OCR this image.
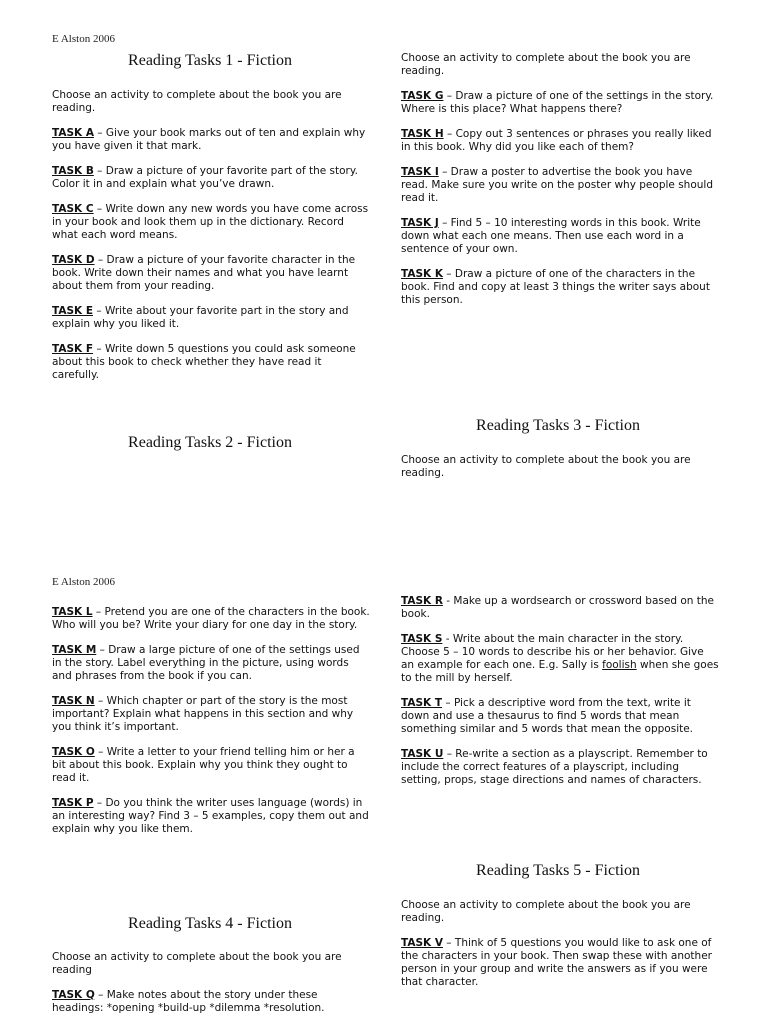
E Alston 2006
Reading Tasks 1 - Fiction
Choose an activity to complete about the book you are reading.
TASK A – Give your book marks out of ten and explain why you have given it that mark.
TASK B – Draw a picture of your favorite part of the story. Color it in and explain what you’ve drawn.
TASK C – Write down any new words you have come across in your book and look them up in the dictionary. Record what each word means.
TASK D – Draw a picture of your favorite character in the book. Write down their names and what you have learnt about them from your reading.
TASK E – Write about your favorite part in the story and explain why you liked it.
TASK F – Write down 5 questions you could ask someone about this book to check whether they have read it carefully.
Choose an activity to complete about the book you are reading.
TASK G – Draw a picture of one of the settings in the story. Where is this place? What happens there?
TASK H – Copy out 3 sentences or phrases you really liked in this book. Why did you like each of them?
TASK I – Draw a poster to advertise the book you have read. Make sure you write on the poster why people should read it.
TASK J – Find 5 – 10 interesting words in this book. Write down what each one means. Then use each word in a sentence of your own.
TASK K – Draw a picture of one of the characters in the book. Find and copy at least 3 things the writer says about this person.
Reading Tasks 2 - Fiction
Reading Tasks 3 - Fiction
Choose an activity to complete about the book you are reading.
E Alston 2006
TASK L – Pretend you are one of the characters in the book. Who will you be? Write your diary for one day in the story.
TASK M – Draw a large picture of one of the settings used in the story. Label everything in the picture, using words and phrases from the book if you can.
TASK N – Which chapter or part of the story is the most important? Explain what happens in this section and why you think it’s important.
TASK O – Write a letter to your friend telling him or her a bit about this book. Explain why you think they ought to read it.
TASK P – Do you think the writer uses language (words) in an interesting way? Find 3 – 5 examples, copy them out and explain why you like them.
TASK R - Make up a wordsearch or crossword based on the book.
TASK S - Write about the main character in the story. Choose 5 – 10 words to describe his or her behavior. Give an example for each one. E.g. Sally is foolish when she goes to the mill by herself.
TASK T – Pick a descriptive word from the text, write it down and use a thesaurus to find 5 words that mean something similar and 5 words that mean the opposite.
TASK U – Re-write a section as a playscript. Remember to include the correct features of a playscript, including setting, props, stage directions and names of characters.
Reading Tasks 5 - Fiction
Choose an activity to complete about the book you are reading.
TASK V – Think of 5 questions you would like to ask one of the characters in your book. Then swap these with another person in your group and write the answers as if you were that character.
Reading Tasks 4 - Fiction
Choose an activity to complete about the book you are reading
TASK Q – Make notes about the story under these headings: *opening *build-up *dilemma *resolution.
